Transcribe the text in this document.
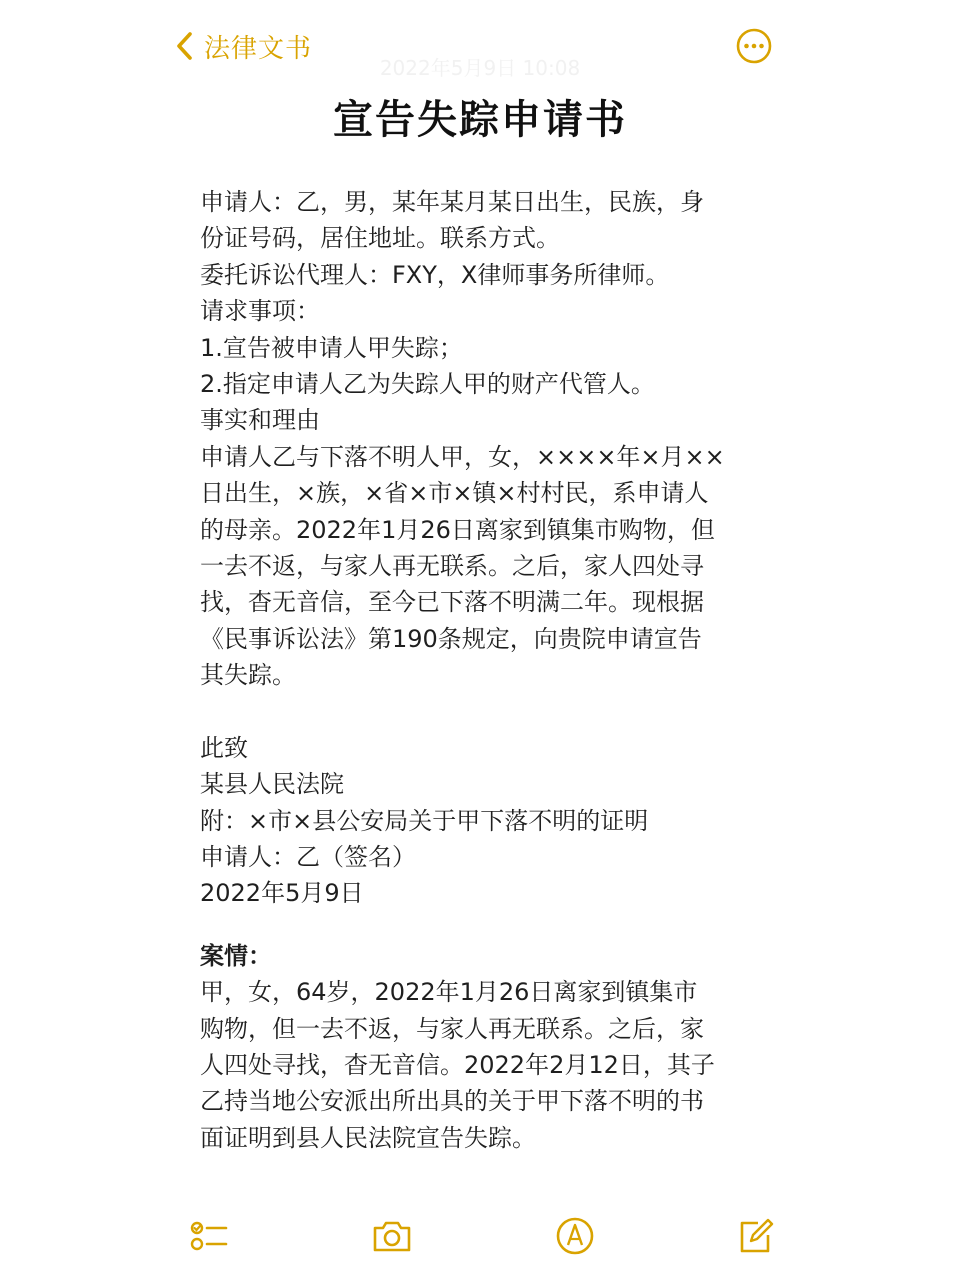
法律文书
2022年5月9日 10:08
宣告失踪申请书
申请人：乙，男，某年某月某日出生，民族，身
份证号码，居住地址。联系方式。
委托诉讼代理人：FXY，X律师事务所律师。
请求事项：
1.宣告被申请人甲失踪；
2.指定申请人乙为失踪人甲的财产代管人。
事实和理由
申请人乙与下落不明人甲，女，××××年×月××
日出生，×族，×省×市×镇×村村民，系申请人
的母亲。2022年1月26日离家到镇集市购物，但
一去不返，与家人再无联系。之后，家人四处寻
找，杳无音信，至今已下落不明满二年。现根据
《民事诉讼法》第190条规定，向贵院申请宣告
其失踪。
此致
某县人民法院
附：×市×县公安局关于甲下落不明的证明
申请人：乙（签名）
2022年5月9日
案情：
甲，女，64岁，2022年1月26日离家到镇集市
购物，但一去不返，与家人再无联系。之后，家
人四处寻找，杳无音信。2022年2月12日，其子
乙持当地公安派出所出具的关于甲下落不明的书
面证明到县人民法院宣告失踪。
